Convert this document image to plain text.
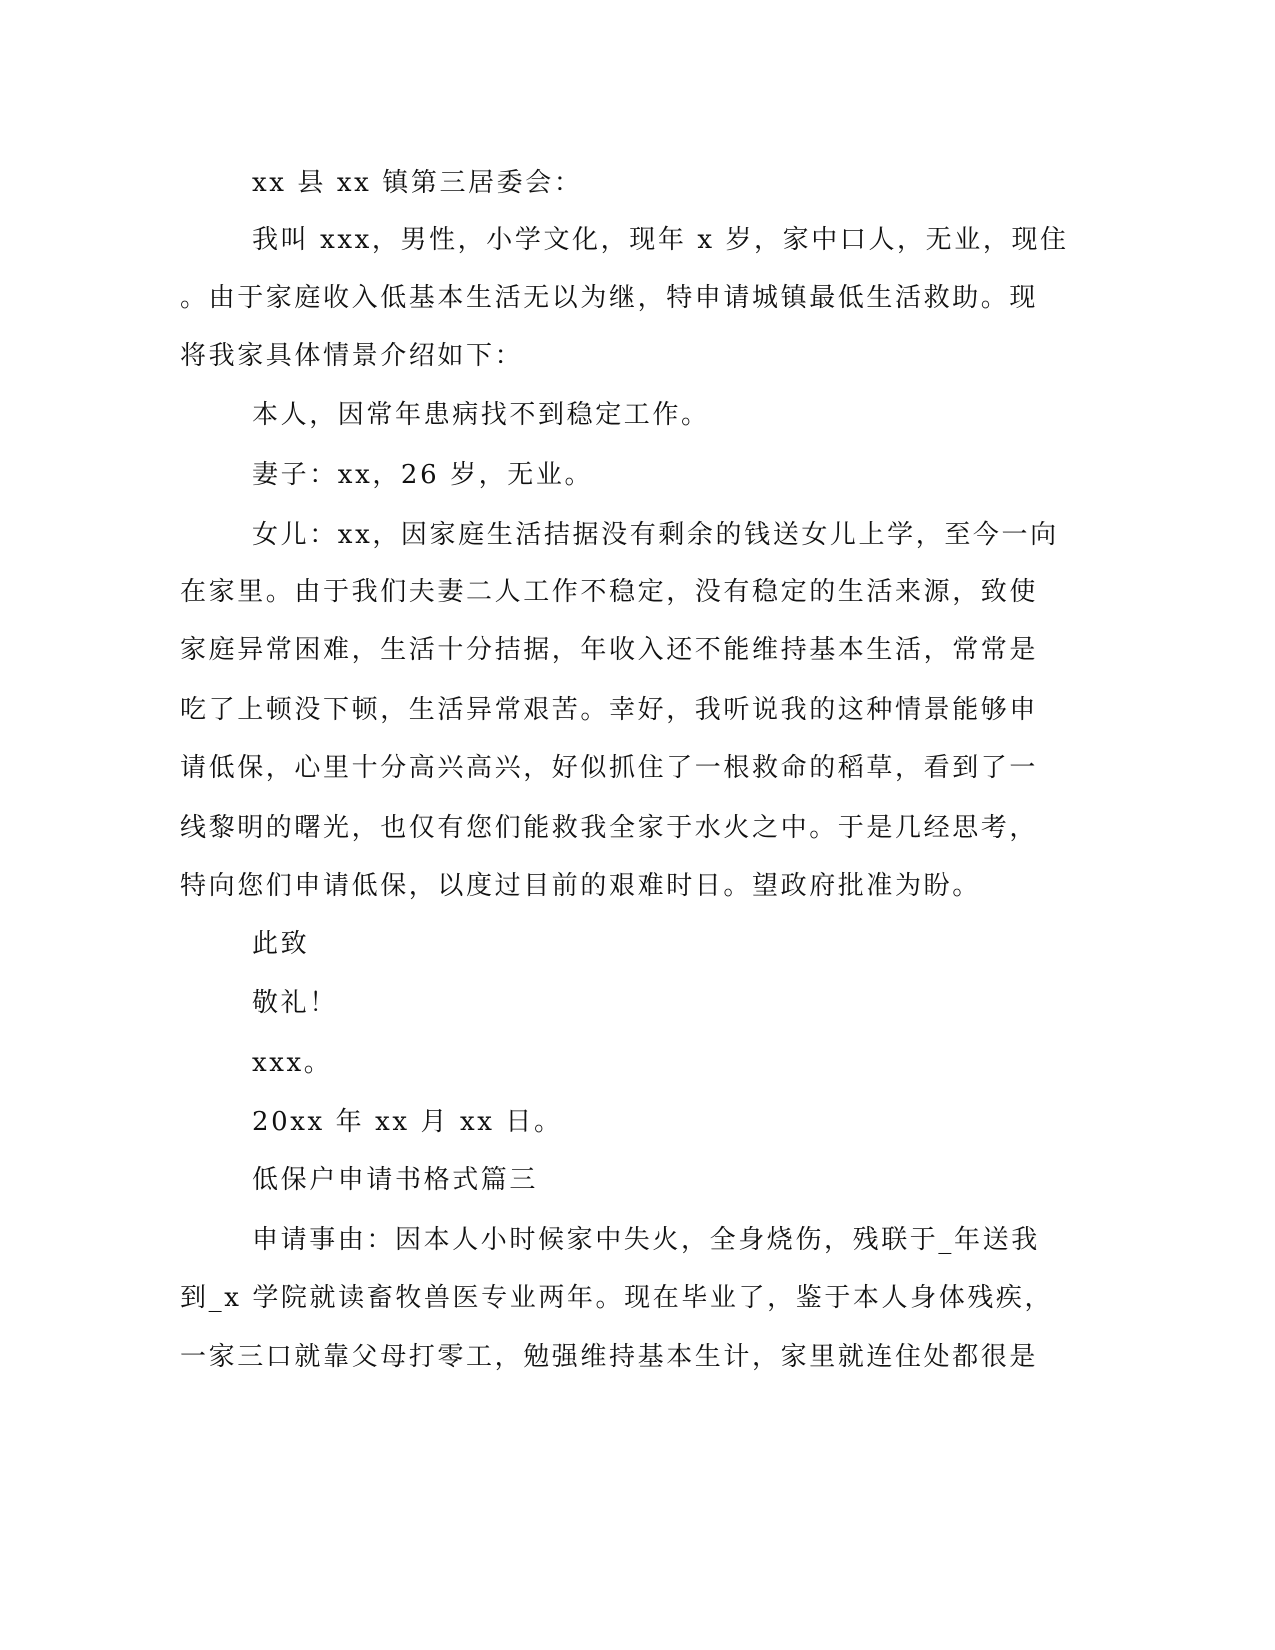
xx 县 xx 镇第三居委会：
我叫 xxx，男性，小学文化，现年 x 岁，家中口人，无业，现住
。由于家庭收入低基本生活无以为继，特申请城镇最低生活救助。现
将我家具体情景介绍如下：
本人，因常年患病找不到稳定工作。
妻子：xx，26 岁，无业。
女儿：xx，因家庭生活拮据没有剩余的钱送女儿上学，至今一向
在家里。由于我们夫妻二人工作不稳定，没有稳定的生活来源，致使
家庭异常困难，生活十分拮据，年收入还不能维持基本生活，常常是
吃了上顿没下顿，生活异常艰苦。幸好，我听说我的这种情景能够申
请低保，心里十分高兴高兴，好似抓住了一根救命的稻草，看到了一
线黎明的曙光，也仅有您们能救我全家于水火之中。于是几经思考，
特向您们申请低保，以度过目前的艰难时日。望政府批准为盼。
此致
敬礼！
xxx。
20xx 年 xx 月 xx 日。
低保户申请书格式篇三
申请事由：因本人小时候家中失火，全身烧伤，残联于_年送我
到_x 学院就读畜牧兽医专业两年。现在毕业了，鉴于本人身体残疾，
一家三口就靠父母打零工，勉强维持基本生计，家里就连住处都很是
